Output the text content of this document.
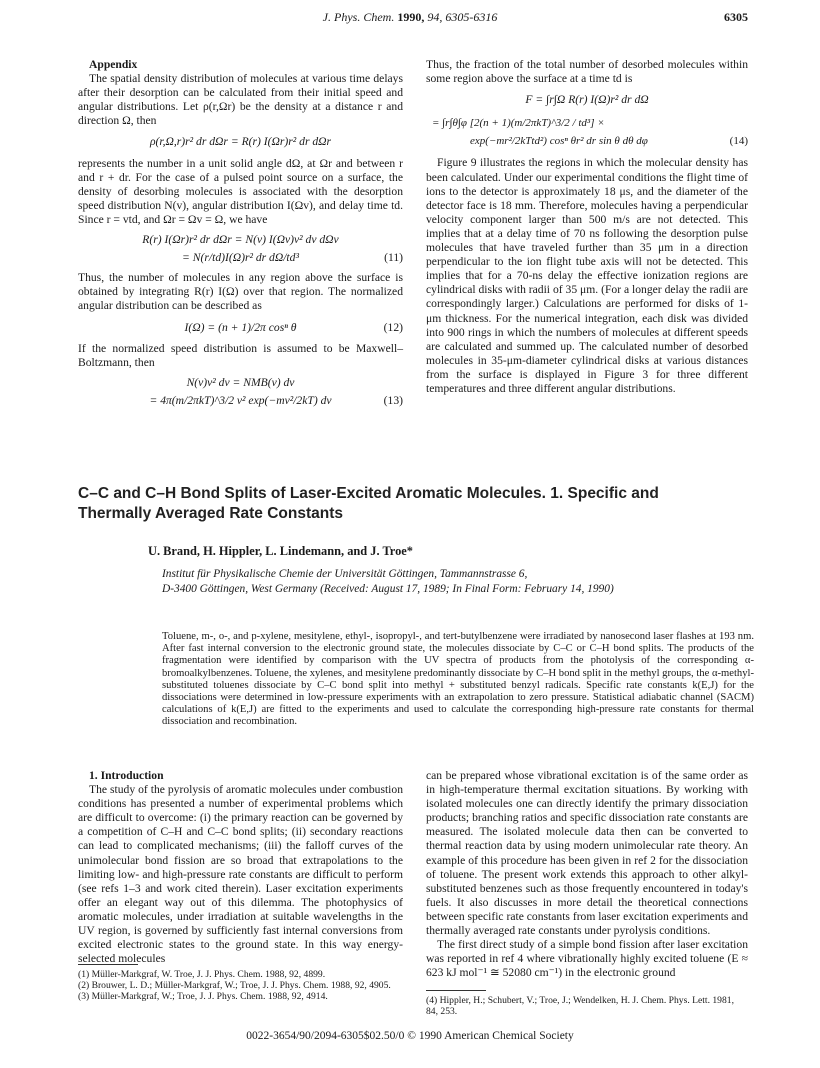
J. Phys. Chem. 1990, 94, 6305-6316	6305

Appendix

The spatial density distribution of molecules at various time delays after their desorption can be calculated from their initial speed and angular distributions. Let ρ(r,Ωr) be the density at a distance r and direction Ω, then

ρ(r,Ω,r)r² dr dΩr = R(r) I(Ωr)r² dr dΩr

represents the number in a unit solid angle dΩ, at Ωr and between r and r + dr. For the case of a pulsed point source on a surface, the density of desorbing molecules is associated with the desorption speed distribution N(v), angular distribution I(Ωv), and delay time td. Since r = vtd, and Ωr = Ωv = Ω, we have

R(r) I(Ωr)r² dr dΩr = N(v) I(Ωv)v² dv dΩv
= N(r/td)I(Ω)r² dr dΩ/td³	(11)

Thus, the number of molecules in any region above the surface is obtained by integrating R(r) I(Ω) over that region. The normalized angular distribution can be described as

I(Ω) = (n + 1)/2π cosⁿ θ	(12)

If the normalized speed distribution is assumed to be Maxwell–Boltzmann, then

N(v)v² dv = NMB(v) dv
= 4π(m/2πkT)^3/2 v² exp(−mv²/2kT) dv	(13)

Thus, the fraction of the total number of desorbed molecules within some region above the surface at a time td is

F = ∫r∫Ω R(r) I(Ω)r² dr dΩ
= ∫r∫θ∫φ [2(n + 1)(m/2πkT)^3/2 / td³] ×
exp(−mr²/2kTtd²) cosⁿ θr² dr sin θ dθ dφ	(14)

Figure 9 illustrates the regions in which the molecular density has been calculated. Under our experimental conditions the flight time of ions to the detector is approximately 18 μs, and the diameter of the detector face is 18 mm. Therefore, molecules having a perpendicular velocity component larger than 500 m/s are not detected. This implies that at a delay time of 70 ns following the desorption pulse molecules that have traveled further than 35 μm in a direction perpendicular to the ion flight tube axis will not be detected. This implies that for a 70-ns delay the effective ionization regions are cylindrical disks with radii of 35 μm. (For a longer delay the radii are correspondingly larger.) Calculations are performed for disks of 1-μm thickness. For the numerical integration, each disk was divided into 900 rings in which the numbers of molecules at different speeds are calculated and summed up. The calculated number of desorbed molecules in 35-μm-diameter cylindrical disks at various distances from the surface is displayed in Figure 3 for three different temperatures and three different angular distributions.

C–C and C–H Bond Splits of Laser-Excited Aromatic Molecules. 1. Specific and
Thermally Averaged Rate Constants
U. Brand, H. Hippler, L. Lindemann, and J. Troe*
Institut für Physikalische Chemie der Universität Göttingen, Tammannstrasse 6,
D-3400 Göttingen, West Germany (Received: August 17, 1989; In Final Form: February 14, 1990)
Toluene, m-, o-, and p-xylene, mesitylene, ethyl-, isopropyl-, and tert-butylbenzene were irradiated by nanosecond laser flashes at 193 nm. After fast internal conversion to the electronic ground state, the molecules dissociate by C–C or C–H bond splits. The products of the fragmentation were identified by comparison with the UV spectra of products from the photolysis of the corresponding α-bromoalkylbenzenes. Toluene, the xylenes, and mesitylene predominantly dissociate by C–H bond split in the methyl groups, the α-methyl-substituted toluenes dissociate by C–C bond split into methyl + substituted benzyl radicals. Specific rate constants k(E,J) for the dissociations were determined in low-pressure experiments with an extrapolation to zero pressure. Statistical adiabatic channel (SACM) calculations of k(E,J) are fitted to the experiments and used to calculate the corresponding high-pressure rate constants for thermal dissociation and recombination.

1. Introduction

The study of the pyrolysis of aromatic molecules under combustion conditions has presented a number of experimental problems which are difficult to overcome: (i) the primary reaction can be governed by a competition of C–H and C–C bond splits; (ii) secondary reactions can lead to complicated mechanisms; (iii) the falloff curves of the unimolecular bond fission are so broad that extrapolations to the limiting low- and high-pressure rate constants are difficult to perform (see refs 1–3 and work cited therein). Laser excitation experiments offer an elegant way out of this dilemma. The photophysics of aromatic molecules, under irradiation at suitable wavelengths in the UV region, is governed by sufficiently fast internal conversions from excited electronic states to the ground state. In this way energy-selected molecules

can be prepared whose vibrational excitation is of the same order as in high-temperature thermal excitation situations. By working with isolated molecules one can directly identify the primary dissociation products; branching ratios and specific dissociation rate constants are measured. The isolated molecule data then can be converted to thermal reaction data by using modern unimolecular rate theory. An example of this procedure has been given in ref 2 for the dissociation of toluene. The present work extends this approach to other alkyl-substituted benzenes such as those frequently encountered in today's fuels. It also discusses in more detail the theoretical connections between specific rate constants from laser excitation experiments and thermally averaged rate constants under pyrolysis conditions.

The first direct study of a simple bond fission after laser excitation was reported in ref 4 where vibrationally highly excited toluene (E ≈ 623 kJ mol⁻¹ ≅ 52080 cm⁻¹) in the electronic ground

(1) Müller-Markgraf, W. Troe, J. J. Phys. Chem. 1988, 92, 4899.
(2) Brouwer, L. D.; Müller-Markgraf, W.; Troe, J. J. Phys. Chem. 1988, 92, 4905.
(3) Müller-Markgraf, W.; Troe, J. J. Phys. Chem. 1988, 92, 4914.	(4) Hippler, H.; Schubert, V.; Troe, J.; Wendelken, H. J. Chem. Phys. Lett. 1981, 84, 253.
0022-3654/90/2094-6305$02.50/0 © 1990 American Chemical Society
